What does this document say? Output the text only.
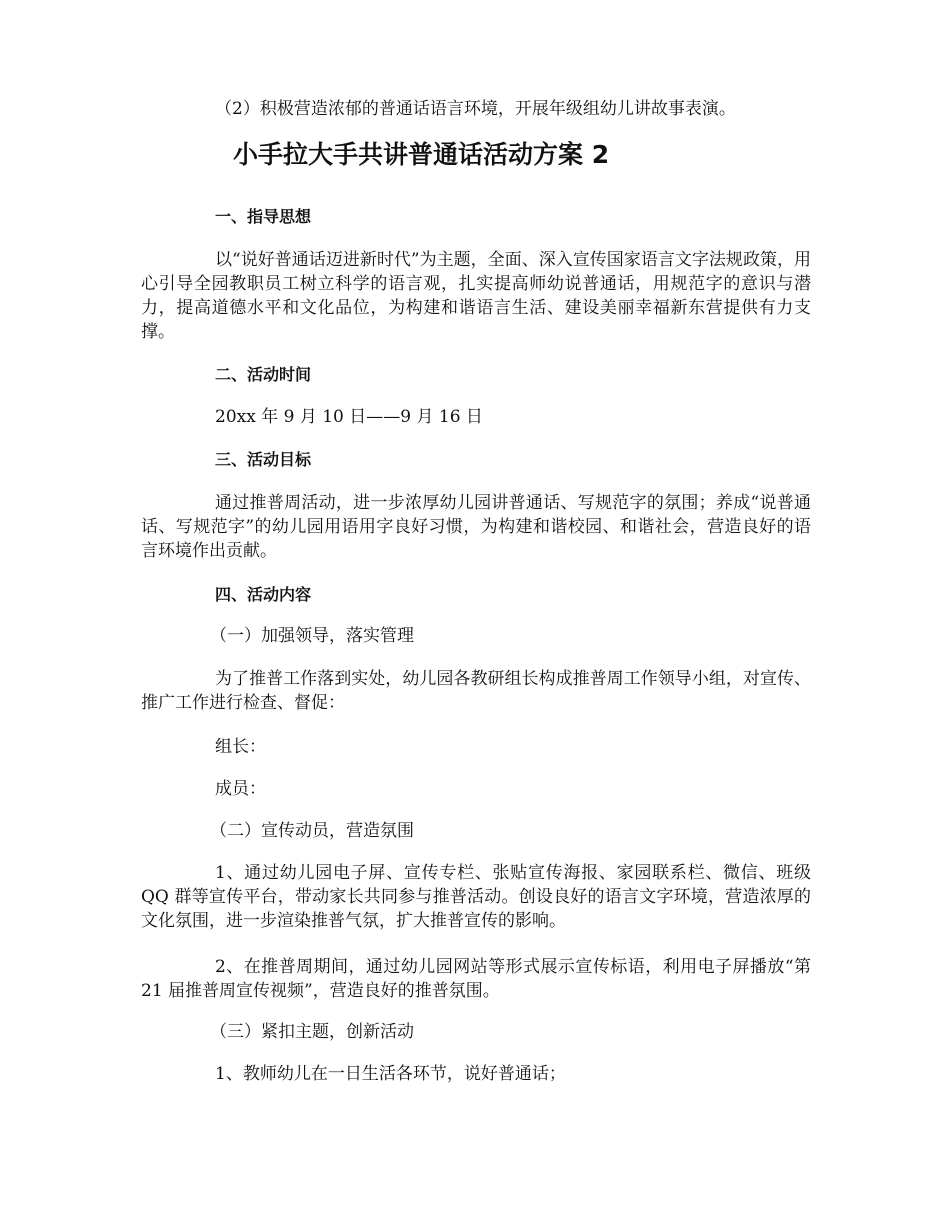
（2）积极营造浓郁的普通话语言环境，开展年级组幼儿讲故事表演。
小手拉大手共讲普通话活动方案 2
一、指导思想
以“说好普通话迈进新时代”为主题，全面、深入宣传国家语言文字法规政策，用心引导全园教职员工树立科学的语言观，扎实提高师幼说普通话，用规范字的意识与潜力，提高道德水平和文化品位，为构建和谐语言生活、建设美丽幸福新东营提供有力支撑。
二、活动时间
20xx 年 9 月 10 日——9 月 16 日
三、活动目标
通过推普周活动，进一步浓厚幼儿园讲普通话、写规范字的氛围；养成“说普通话、写规范字”的幼儿园用语用字良好习惯，为构建和谐校园、和谐社会，营造良好的语言环境作出贡献。
四、活动内容
（一）加强领导，落实管理
为了推普工作落到实处，幼儿园各教研组长构成推普周工作领导小组，对宣传、推广工作进行检查、督促：
组长：
成员：
（二）宣传动员，营造氛围
1、通过幼儿园电子屏、宣传专栏、张贴宣传海报、家园联系栏、微信、班级 QQ 群等宣传平台，带动家长共同参与推普活动。创设良好的语言文字环境，营造浓厚的文化氛围，进一步渲染推普气氛，扩大推普宣传的影响。
2、在推普周期间，通过幼儿园网站等形式展示宣传标语，利用电子屏播放“第 21 届推普周宣传视频”，营造良好的推普氛围。
（三）紧扣主题，创新活动
1、教师幼儿在一日生活各环节，说好普通话；
